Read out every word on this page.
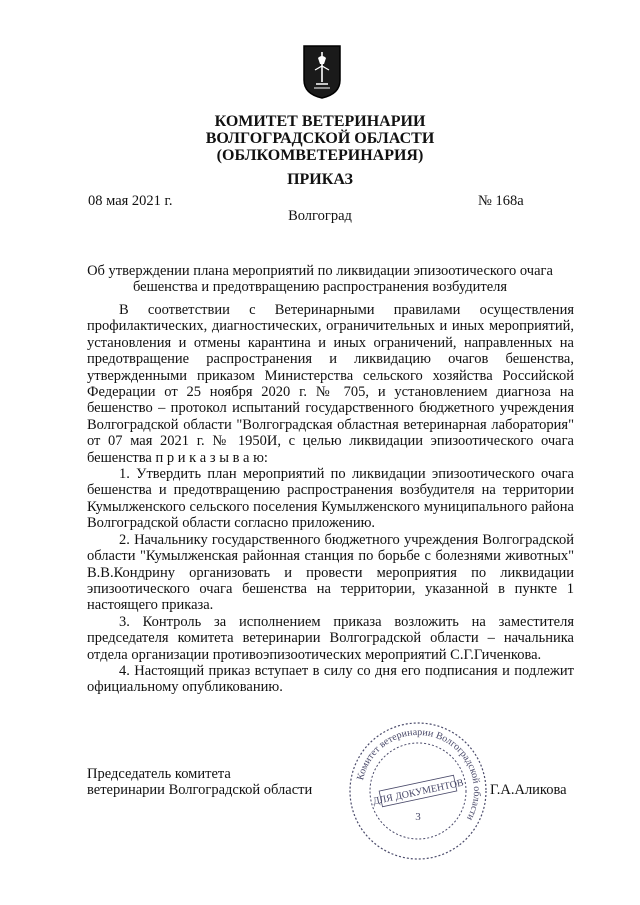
КОМИТЕТ ВЕТЕРИНАРИИ
ВОЛГОГРАДСКОЙ ОБЛАСТИ
(ОБЛКОМВЕТЕРИНАРИЯ)
ПРИКАЗ
08 мая 2021 г.	№ 168а
Волгоград
Об утверждении плана мероприятий по ликвидации эпизоотического очага бешенства и предотвращению распространения возбудителя

В соответствии с Ветеринарными правилами осуществления профилактических, диагностических, ограничительных и иных мероприятий, установления и отмены карантина и иных ограничений, направленных на предотвращение распространения и ликвидацию очагов бешенства, утвержденными приказом Министерства сельского хозяйства Российской Федерации от 25 ноября 2020 г. № 705, и установлением диагноза на бешенство – протокол испытаний государственного бюджетного учреждения Волгоградской области "Волгоградская областная ветеринарная лаборатория" от 07 мая 2021 г. № 1950И, с целью ликвидации эпизоотического очага бешенства п р и к а з ы в а ю:

1. Утвердить план мероприятий по ликвидации эпизоотического очага бешенства и предотвращению распространения возбудителя на территории Кумылженского сельского поселения Кумылженского муниципального района Волгоградской области согласно приложению.

2. Начальнику государственного бюджетного учреждения Волгоградской области "Кумылженская районная станция по борьбе с болезнями животных" В.В.Кондрину организовать и провести мероприятия по ликвидации эпизоотического очага бешенства на территории, указанной в пункте 1 настоящего приказа.

3. Контроль за исполнением приказа возложить на заместителя председателя комитета ветеринарии Волгоградской области – начальника отдела организации противоэпизоотических мероприятий С.Г.Гиченкова.

4. Настоящий приказ вступает в силу со дня его подписания и подлежит официальному опубликованию.

Председатель комитета
ветеринарии Волгоградской области
Комитет ветеринарии Волгоградской области
ДЛЯ ДОКУМЕНТОВ
3
Г.А.Аликова
